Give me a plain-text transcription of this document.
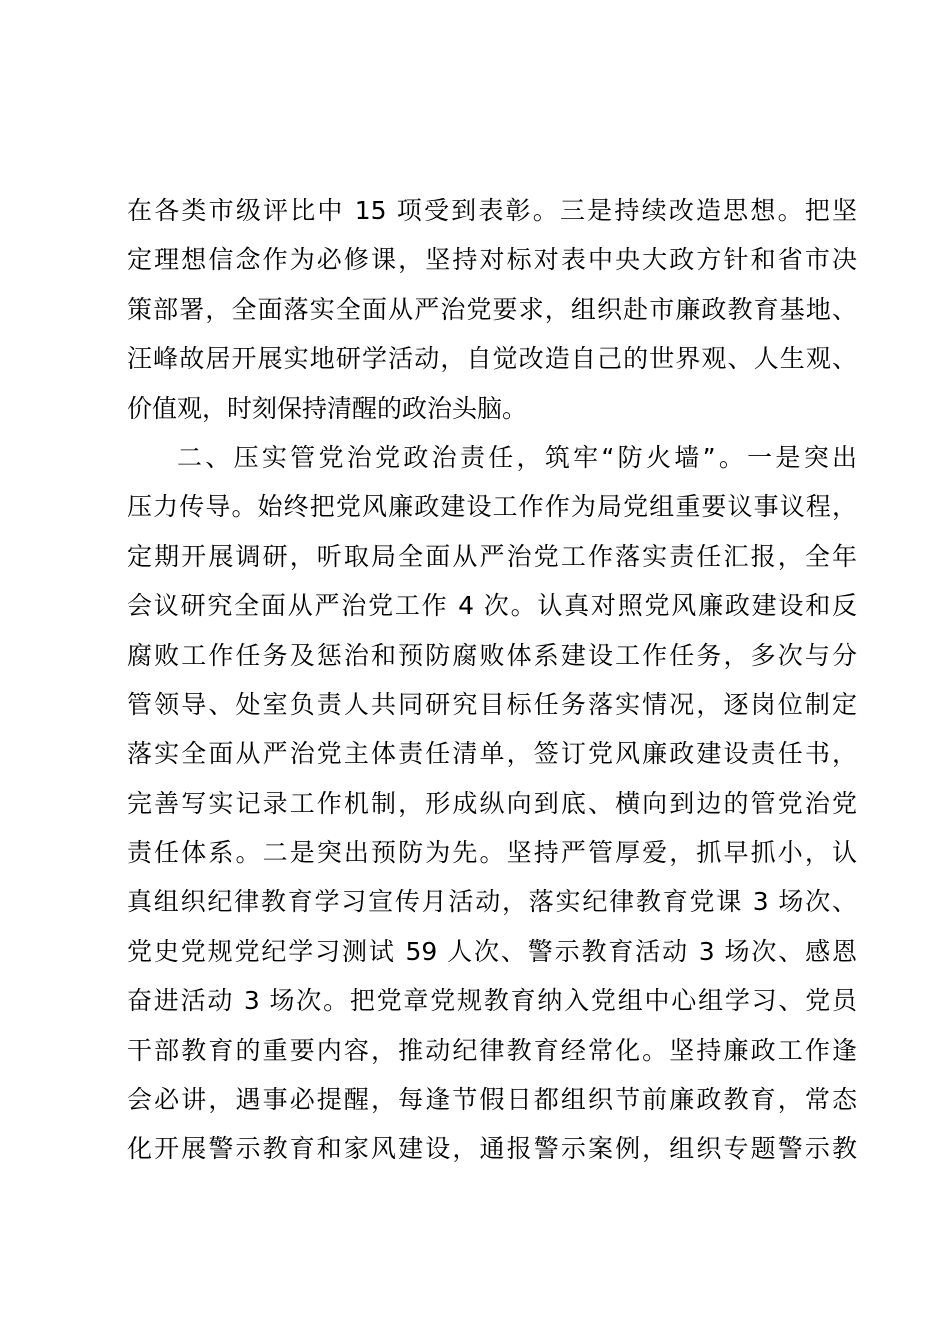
在各类市级评比中 15 项受到表彰。三是持续改造思想。把坚
定理想信念作为必修课，坚持对标对表中央大政方针和省市决
策部署，全面落实全面从严治党要求，组织赴市廉政教育基地、
汪峰故居开展实地研学活动，自觉改造自己的世界观、人生观、
价值观，时刻保持清醒的政治头脑。
二、压实管党治党政治责任，筑牢“防火墙”。一是突出
压力传导。始终把党风廉政建设工作作为局党组重要议事议程，
定期开展调研，听取局全面从严治党工作落实责任汇报，全年
会议研究全面从严治党工作 4 次。认真对照党风廉政建设和反
腐败工作任务及惩治和预防腐败体系建设工作任务，多次与分
管领导、处室负责人共同研究目标任务落实情况，逐岗位制定
落实全面从严治党主体责任清单，签订党风廉政建设责任书，
完善写实记录工作机制，形成纵向到底、横向到边的管党治党
责任体系。二是突出预防为先。坚持严管厚爱，抓早抓小，认
真组织纪律教育学习宣传月活动，落实纪律教育党课 3 场次、
党史党规党纪学习测试 59 人次、警示教育活动 3 场次、感恩
奋进活动 3 场次。把党章党规教育纳入党组中心组学习、党员
干部教育的重要内容，推动纪律教育经常化。坚持廉政工作逢
会必讲，遇事必提醒，每逢节假日都组织节前廉政教育，常态
化开展警示教育和家风建设，通报警示案例，组织专题警示教
